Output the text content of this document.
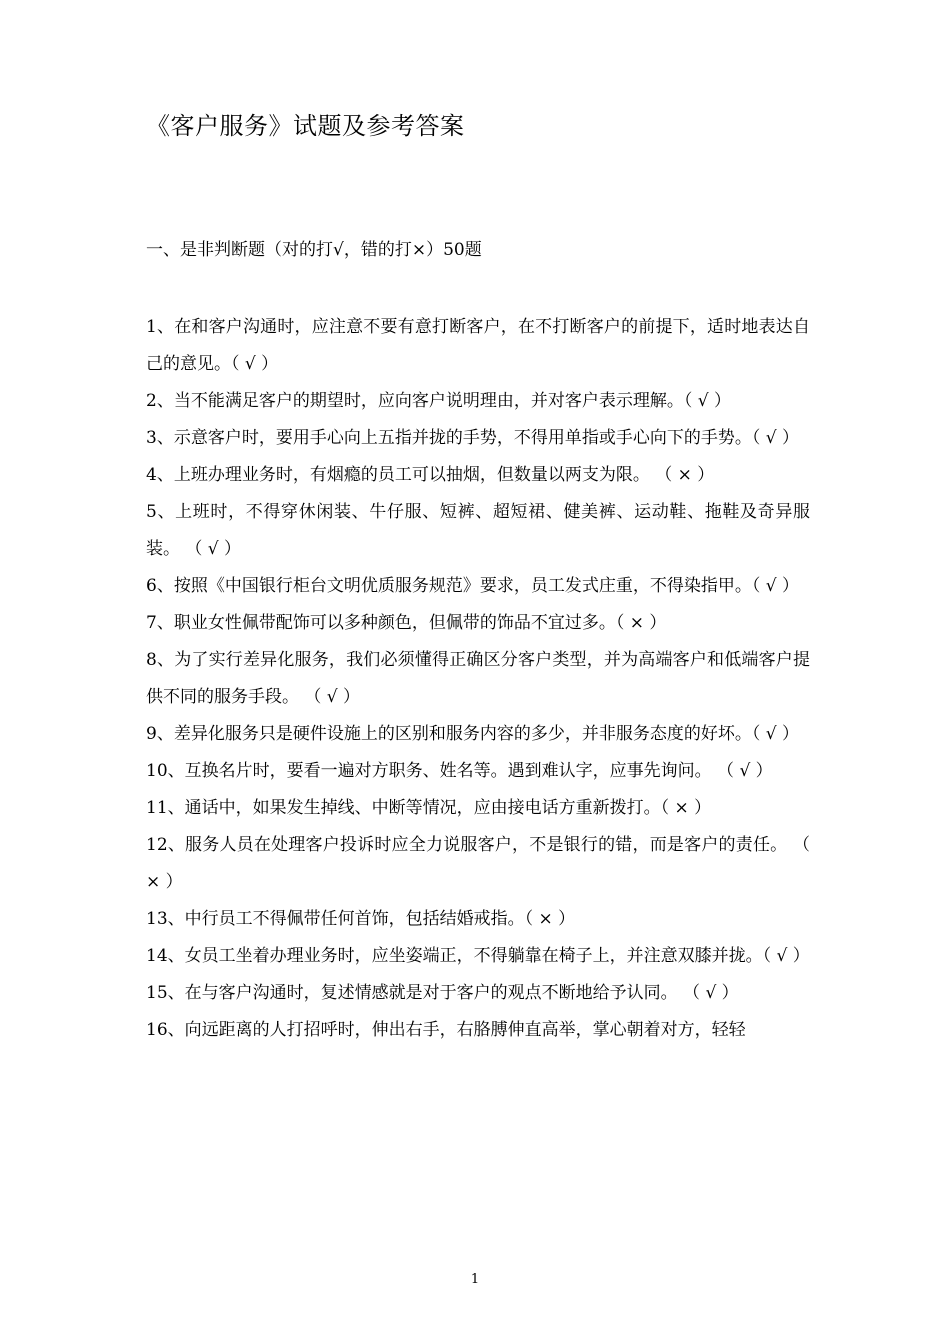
《客户服务》试题及参考答案
一、是非判断题（对的打√，错的打×）50题
1、在和客户沟通时，应注意不要有意打断客户，在不打断客户的前提下，适时地表达自己的意见。（ √ ）
2、当不能满足客户的期望时，应向客户说明理由，并对客户表示理解。（ √ ）
3、示意客户时，要用手心向上五指并拢的手势，不得用单指或手心向下的手势。（ √ ）
4、上班办理业务时，有烟瘾的员工可以抽烟，但数量以两支为限。 （ × ）
5、上班时，不得穿休闲装、牛仔服、短裤、超短裙、健美裤、运动鞋、拖鞋及奇异服装。 （ √ ）
6、按照《中国银行柜台文明优质服务规范》要求，员工发式庄重，不得染指甲。（ √ ）
7、职业女性佩带配饰可以多种颜色，但佩带的饰品不宜过多。（ × ）
8、为了实行差异化服务，我们必须懂得正确区分客户类型，并为高端客户和低端客户提供不同的服务手段。 （ √ ）
9、差异化服务只是硬件设施上的区别和服务内容的多少，并非服务态度的好坏。（ √ ）
10、互换名片时，要看一遍对方职务、姓名等。遇到难认字，应事先询问。 （ √ ）
11、通话中，如果发生掉线、中断等情况，应由接电话方重新拨打。（ × ）
12、服务人员在处理客户投诉时应全力说服客户，不是银行的错，而是客户的责任。 （ × ）
13、中行员工不得佩带任何首饰，包括结婚戒指。（ × ）
14、女员工坐着办理业务时，应坐姿端正，不得躺靠在椅子上，并注意双膝并拢。（ √ ）
15、在与客户沟通时，复述情感就是对于客户的观点不断地给予认同。 （ √ ）
16、向远距离的人打招呼时，伸出右手，右胳膊伸直高举，掌心朝着对方，轻轻
1
